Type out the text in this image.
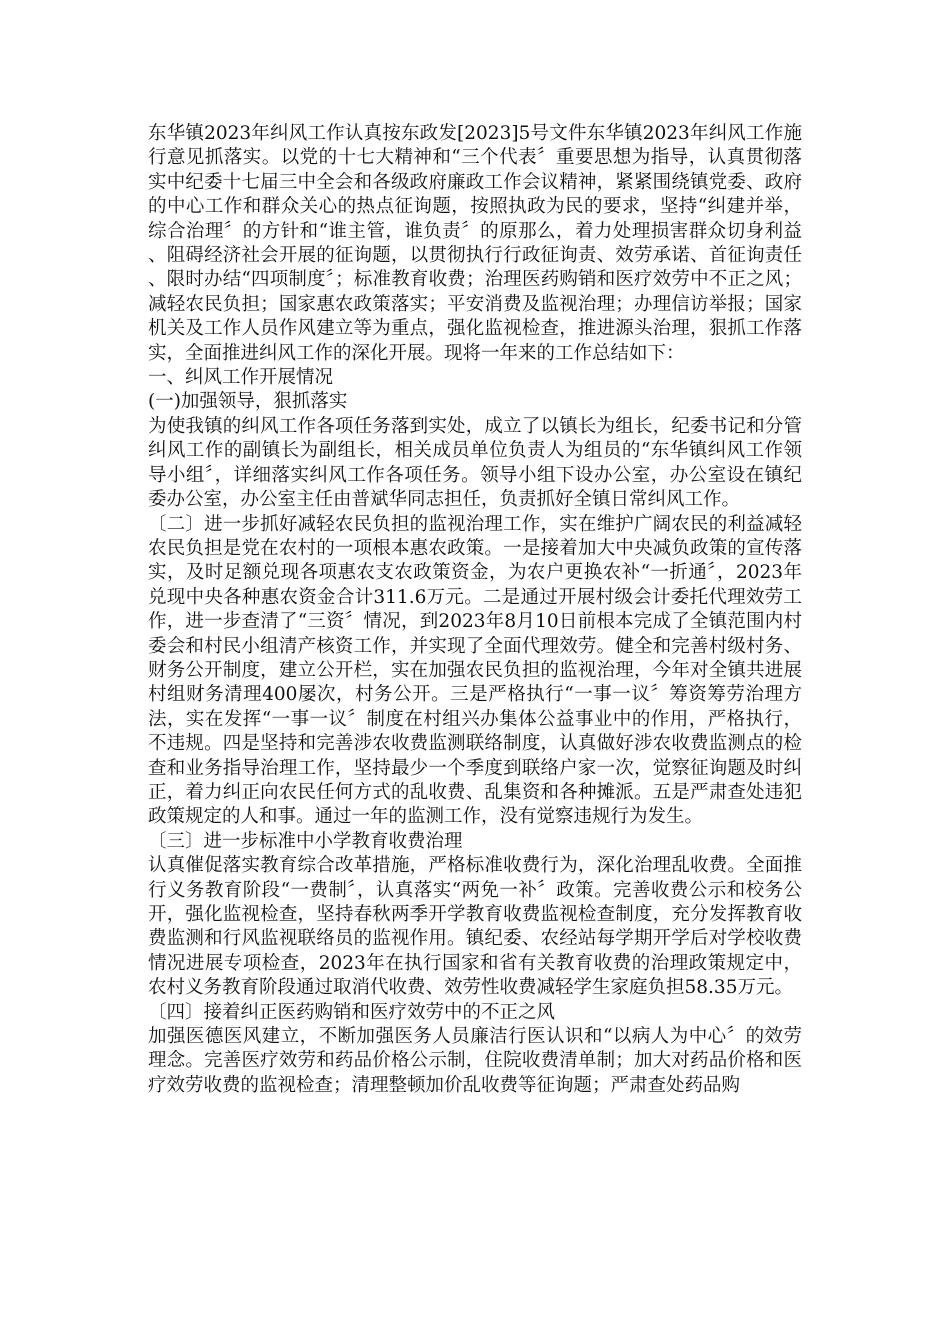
东华镇2023年纠风工作认真按东政发[2023]5号文件东华镇2023年纠风工作施行意见抓落实。以党的十七大精神和“三个代表〞重要思想为指导，认真贯彻落实中纪委十七届三中全会和各级政府廉政工作会议精神，紧紧围绕镇党委、政府的中心工作和群众关心的热点征询题，按照执政为民的要求，坚持“纠建并举，综合治理〞的方针和“谁主管，谁负责〞的原那么，着力处理损害群众切身利益、阻碍经济社会开展的征询题，以贯彻执行行政征询责、效劳承诺、首征询责任、限时办结“四项制度〞；标准教育收费；治理医药购销和医疗效劳中不正之风；减轻农民负担；国家惠农政策落实；平安消费及监视治理；办理信访举报；国家机关及工作人员作风建立等为重点，强化监视检查，推进源头治理，狠抓工作落实，全面推进纠风工作的深化开展。现将一年来的工作总结如下：

一、纠风工作开展情况

(一)加强领导，狠抓落实

为使我镇的纠风工作各项任务落到实处，成立了以镇长为组长，纪委书记和分管纠风工作的副镇长为副组长，相关成员单位负责人为组员的“东华镇纠风工作领导小组〞，详细落实纠风工作各项任务。领导小组下设办公室，办公室设在镇纪委办公室，办公室主任由普斌华同志担任，负责抓好全镇日常纠风工作。

〔二〕进一步抓好减轻农民负担的监视治理工作，实在维护广阔农民的利益减轻农民负担是党在农村的一项根本惠农政策。一是接着加大中央减负政策的宣传落实，及时足额兑现各项惠农支农政策资金，为农户更换农补“一折通〞，2023年兑现中央各种惠农资金合计311.6万元。二是通过开展村级会计委托代理效劳工作，进一步查清了“三资〞情况，到2023年8月10日前根本完成了全镇范围内村委会和村民小组清产核资工作，并实现了全面代理效劳。健全和完善村级村务、财务公开制度，建立公开栏，实在加强农民负担的监视治理，今年对全镇共进展村组财务清理400屡次，村务公开。三是严格执行“一事一议〞筹资筹劳治理方法，实在发挥“一事一议〞制度在村组兴办集体公益事业中的作用，严格执行，不违规。四是坚持和完善涉农收费监测联络制度，认真做好涉农收费监测点的检查和业务指导治理工作，坚持最少一个季度到联络户家一次，觉察征询题及时纠正，着力纠正向农民任何方式的乱收费、乱集资和各种摊派。五是严肃查处违犯政策规定的人和事。通过一年的监测工作，没有觉察违规行为发生。

〔三〕进一步标准中小学教育收费治理

认真催促落实教育综合改革措施，严格标准收费行为，深化治理乱收费。全面推行义务教育阶段“一费制〞，认真落实“两免一补〞政策。完善收费公示和校务公开，强化监视检查，坚持春秋两季开学教育收费监视检查制度，充分发挥教育收费监测和行风监视联络员的监视作用。镇纪委、农经站每学期开学后对学校收费情况进展专项检查，2023年在执行国家和省有关教育收费的治理政策规定中，农村义务教育阶段通过取消代收费、效劳性收费减轻学生家庭负担58.35万元。

〔四〕接着纠正医药购销和医疗效劳中的不正之风

加强医德医风建立，不断加强医务人员廉洁行医认识和“以病人为中心〞的效劳理念。完善医疗效劳和药品价格公示制，住院收费清单制；加大对药品价格和医疗效劳收费的监视检查；清理整顿加价乱收费等征询题；严肃查处药品购
